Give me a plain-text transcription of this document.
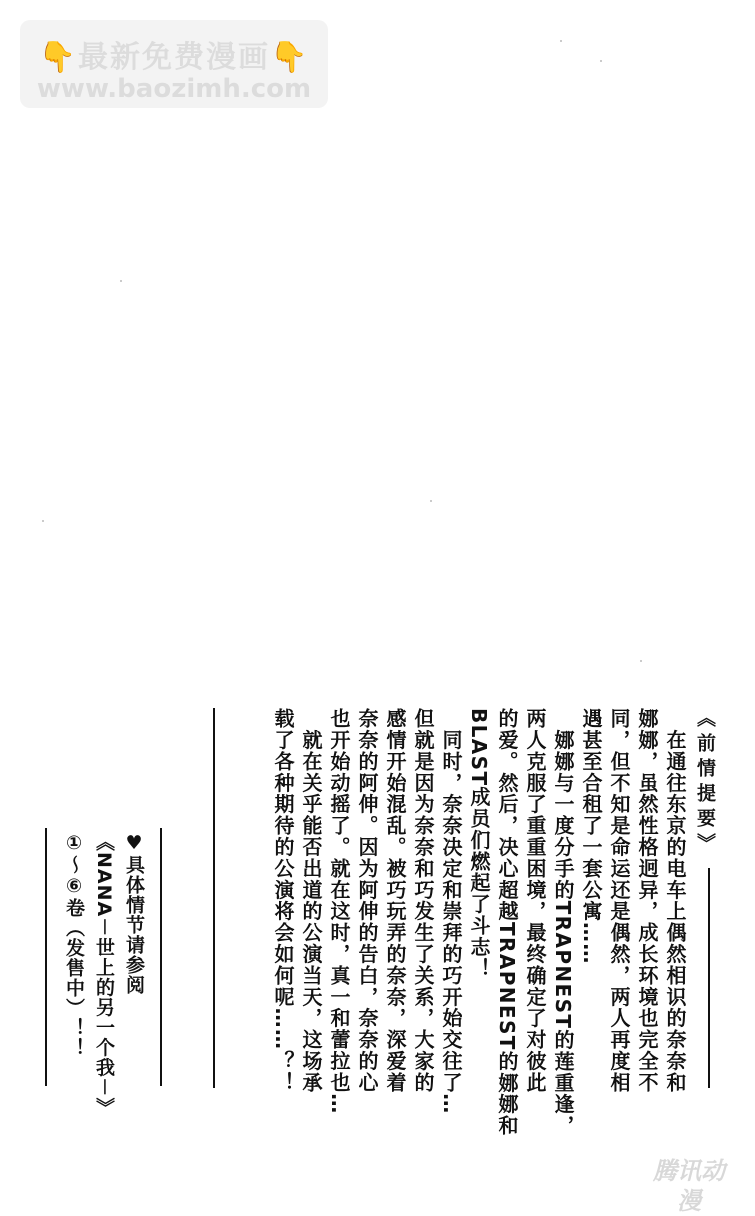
👇最新免费漫画👇
www.baozimh.com

《前情提要》

　在通往东京的电车上偶然相识的奈奈和

娜娜，虽然性格迥异，成长环境也完全不

同，但不知是命运还是偶然，两人再度相

遇甚至合租了一套公寓……

　娜娜与一度分手的TRAPNEST的莲重逢，

两人克服了重重困境，最终确定了对彼此

的爱。然后，决心超越TRAPNEST的娜娜和

BLAST成员们燃起了斗志！

　同时，奈奈决定和崇拜的巧开始交往了…

但就是因为奈奈和巧发生了关系，大家的

感情开始混乱。被巧玩弄的奈奈，深爱着

奈奈的阿伸。因为阿伸的告白，奈奈的心

也开始动摇了。就在这时，真一和蕾拉也…

　就在关乎能否出道的公演当天，这场承

载了各种期待的公演将会如何呢……？！

♥具体情节请参阅

《NANA－世上的另一个我－》

①～⑥卷（发售中）！！

腾讯动漫
